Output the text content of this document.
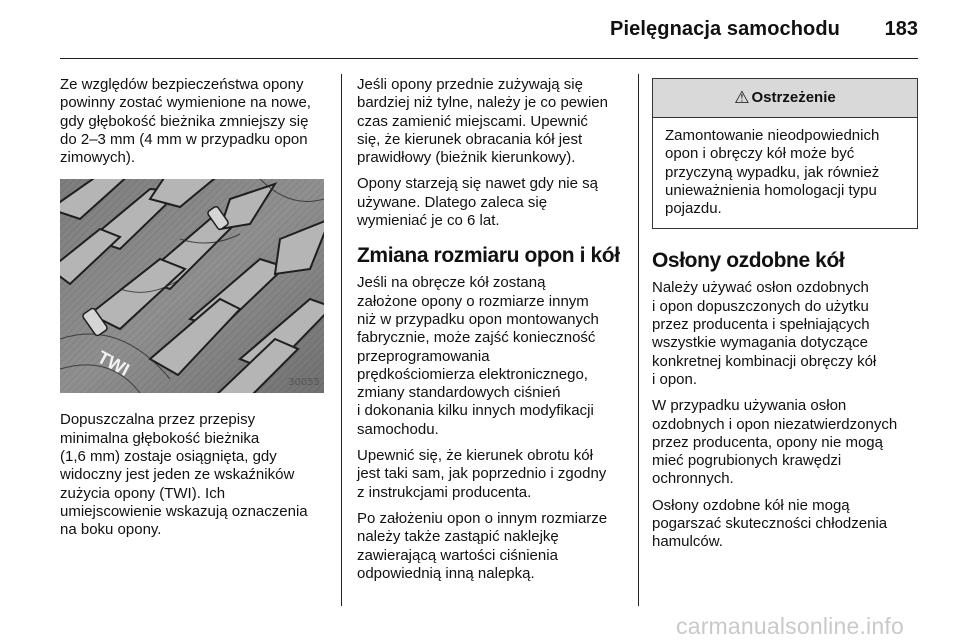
Pielęgnacja samochodu 183

Ze względów bezpieczeństwa opony
powinny zostać wymienione na nowe,
gdy głębokość bieżnika zmniejszy się
do 2–3 mm (4 mm w przypadku opon
zimowych).

TWI
30055

Dopuszczalna przez przepisy
minimalna głębokość bieżnika
(1,6 mm) zostaje osiągnięta, gdy
widoczny jest jeden ze wskaźników
zużycia opony (TWI). Ich
umiejscowienie wskazują oznaczenia
na boku opony.

Jeśli opony przednie zużywają się
bardziej niż tylne, należy je co pewien
czas zamienić miejscami. Upewnić
się, że kierunek obracania kół jest
prawidłowy (bieżnik kierunkowy).

Opony starzeją się nawet gdy nie są
używane. Dlatego zaleca się
wymieniać je co 6 lat.

Zmiana rozmiaru opon i kół

Jeśli na obręcze kół zostaną
założone opony o rozmiarze innym
niż w przypadku opon montowanych
fabrycznie, może zajść konieczność
przeprogramowania
prędkościomierza elektronicznego,
zmiany standardowych ciśnień
i dokonania kilku innych modyfikacji
samochodu.

Upewnić się, że kierunek obrotu kół
jest taki sam, jak poprzednio i zgodny
z instrukcjami producenta.

Po założeniu opon o innym rozmiarze
należy także zastąpić naklejkę
zawierającą wartości ciśnienia
odpowiednią inną nalepką.

⚠ Ostrzeżenie
Zamontowanie nieodpowiednich
opon i obręczy kół może być
przyczyną wypadku, jak również
unieważnienia homologacji typu
pojazdu.
Osłony ozdobne kół

Należy używać osłon ozdobnych
i opon dopuszczonych do użytku
przez producenta i spełniających
wszystkie wymagania dotyczące
konkretnej kombinacji obręczy kół
i opon.

W przypadku używania osłon
ozdobnych i opon niezatwierdzonych
przez producenta, opony nie mogą
mieć pogrubionych krawędzi
ochronnych.

Osłony ozdobne kół nie mogą
pogarszać skuteczności chłodzenia
hamulców.

carmanualsonline.info
